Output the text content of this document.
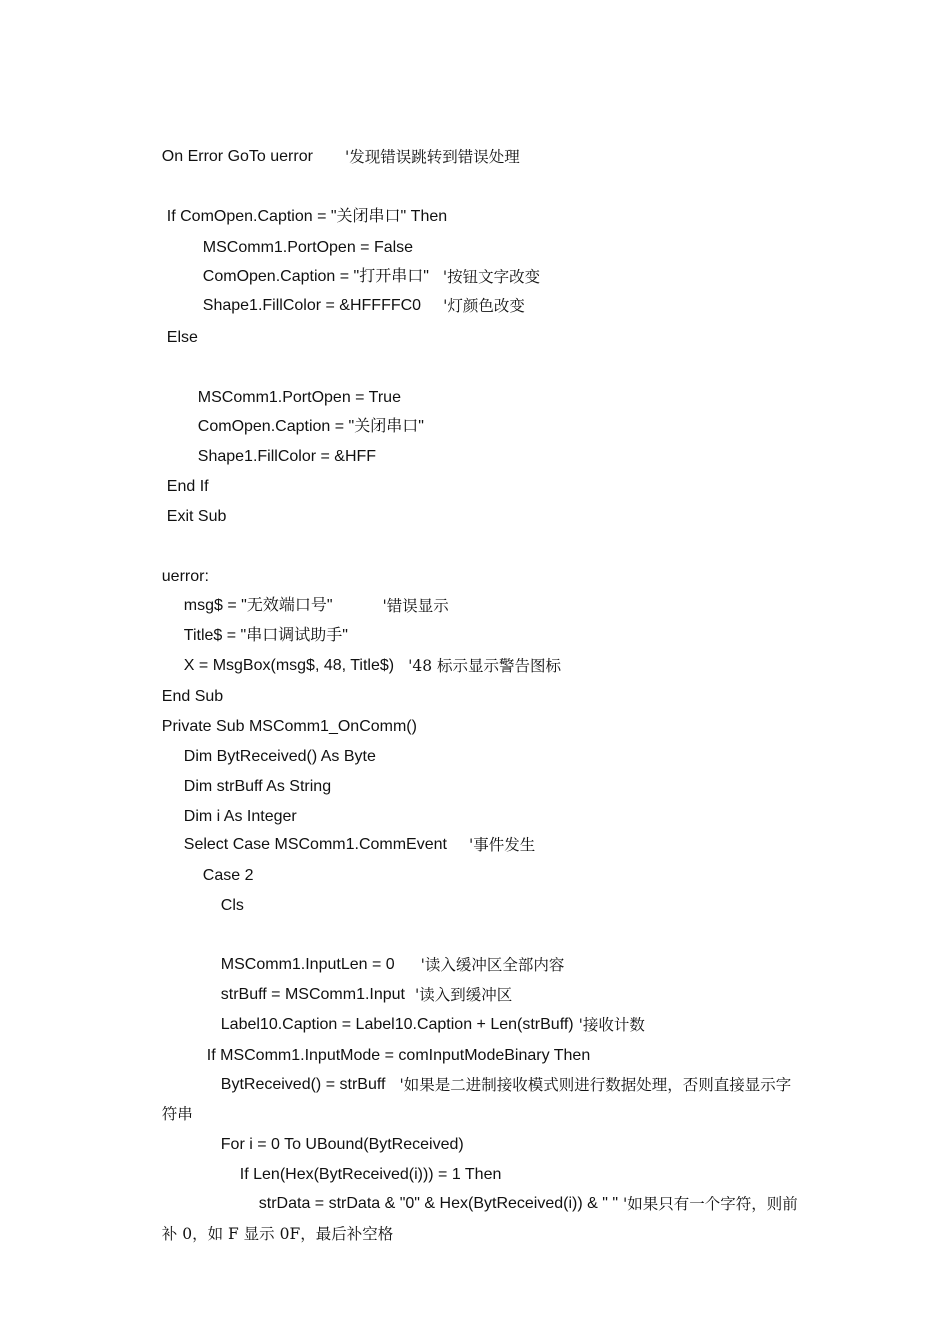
On Error GoTo uerror '发现错误跳转到错误处理

If ComOpen.Caption = "关闭串口" Then

MSComm1.PortOpen = False

ComOpen.Caption = "打开串口" '按钮文字改变

Shape1.FillColor = &HFFFFC0 '灯颜色改变

Else

MSComm1.PortOpen = True

ComOpen.Caption = "关闭串口"

Shape1.FillColor = &HFF

End If

Exit Sub

uerror:

msg$ = "无效端口号"	'错误显示

Title$ = "串口调试助手"

X = MsgBox(msg$, 48, Title$) '48 标示显示警告图标

End Sub

Private Sub MSComm1_OnComm()

Dim BytReceived() As Byte

Dim strBuff As String

Dim i As Integer

Select Case MSComm1.CommEvent '事件发生

Case 2

Cls

MSComm1.InputLen = 0 '读入缓冲区全部内容

strBuff = MSComm1.Input '读入到缓冲区

Label10.Caption = Label10.Caption + Len(strBuff) '接收计数

If MSComm1.InputMode = comInputModeBinary Then

BytReceived() = strBuff '如果是二进制接收模式则进行数据处理，否则直接显示字

符串

For i = 0 To UBound(BytReceived)

If Len(Hex(BytReceived(i))) = 1 Then

strData = strData & "0" & Hex(BytReceived(i)) & " " '如果只有一个字符，则前

补 0，如 F 显示 0F，最后补空格
